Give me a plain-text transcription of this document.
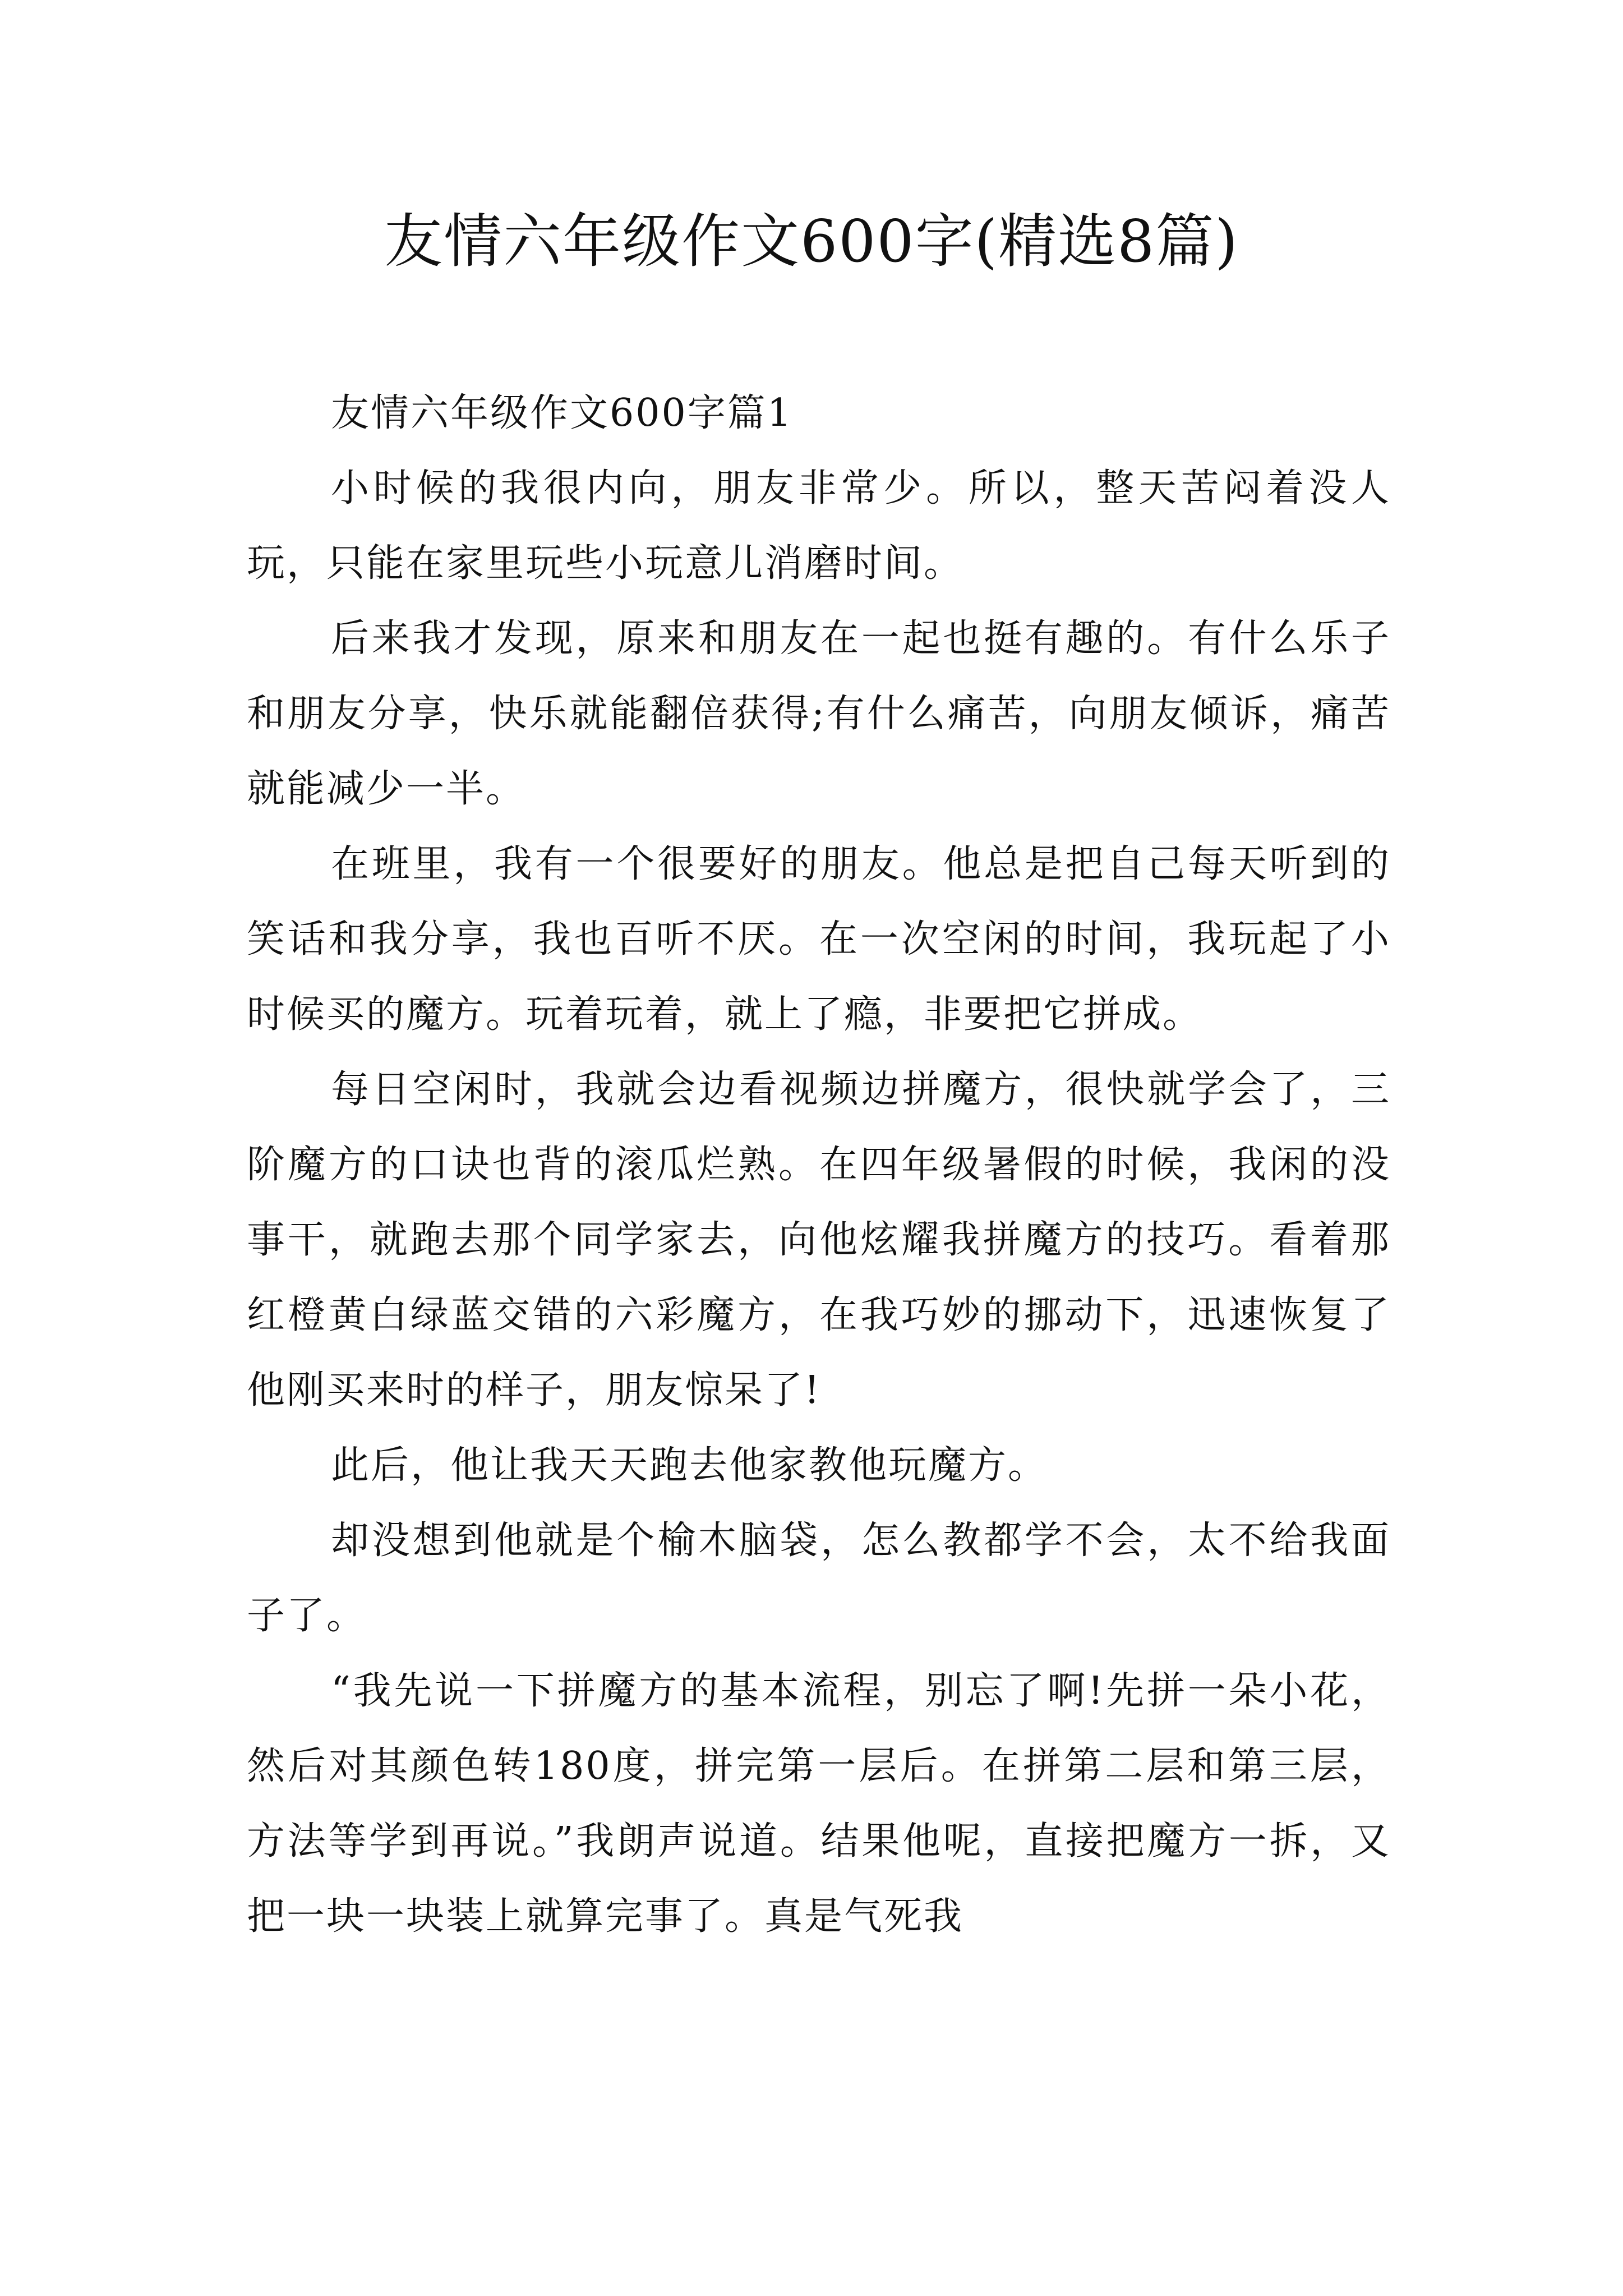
友情六年级作文600字(精选8篇)

友情六年级作文600字篇1

小时候的我很内向，朋友非常少。所以，整天苦闷着没人玩，只能在家里玩些小玩意儿消磨时间。

后来我才发现，原来和朋友在一起也挺有趣的。有什么乐子和朋友分享，快乐就能翻倍获得;有什么痛苦，向朋友倾诉，痛苦就能减少一半。

在班里，我有一个很要好的朋友。他总是把自己每天听到的笑话和我分享，我也百听不厌。在一次空闲的时间，我玩起了小时候买的魔方。玩着玩着，就上了瘾，非要把它拼成。

每日空闲时，我就会边看视频边拼魔方，很快就学会了，三阶魔方的口诀也背的滚瓜烂熟。在四年级暑假的时候，我闲的没事干，就跑去那个同学家去，向他炫耀我拼魔方的技巧。看着那红橙黄白绿蓝交错的六彩魔方，在我巧妙的挪动下，迅速恢复了他刚买来时的样子，朋友惊呆了!

此后，他让我天天跑去他家教他玩魔方。

却没想到他就是个榆木脑袋，怎么教都学不会，太不给我面子了。

“我先说一下拼魔方的基本流程，别忘了啊!先拼一朵小花，然后对其颜色转180度，拼完第一层后。在拼第二层和第三层，方法等学到再说。”我朗声说道。结果他呢，直接把魔方一拆，又把一块一块装上就算完事了。真是气死我
